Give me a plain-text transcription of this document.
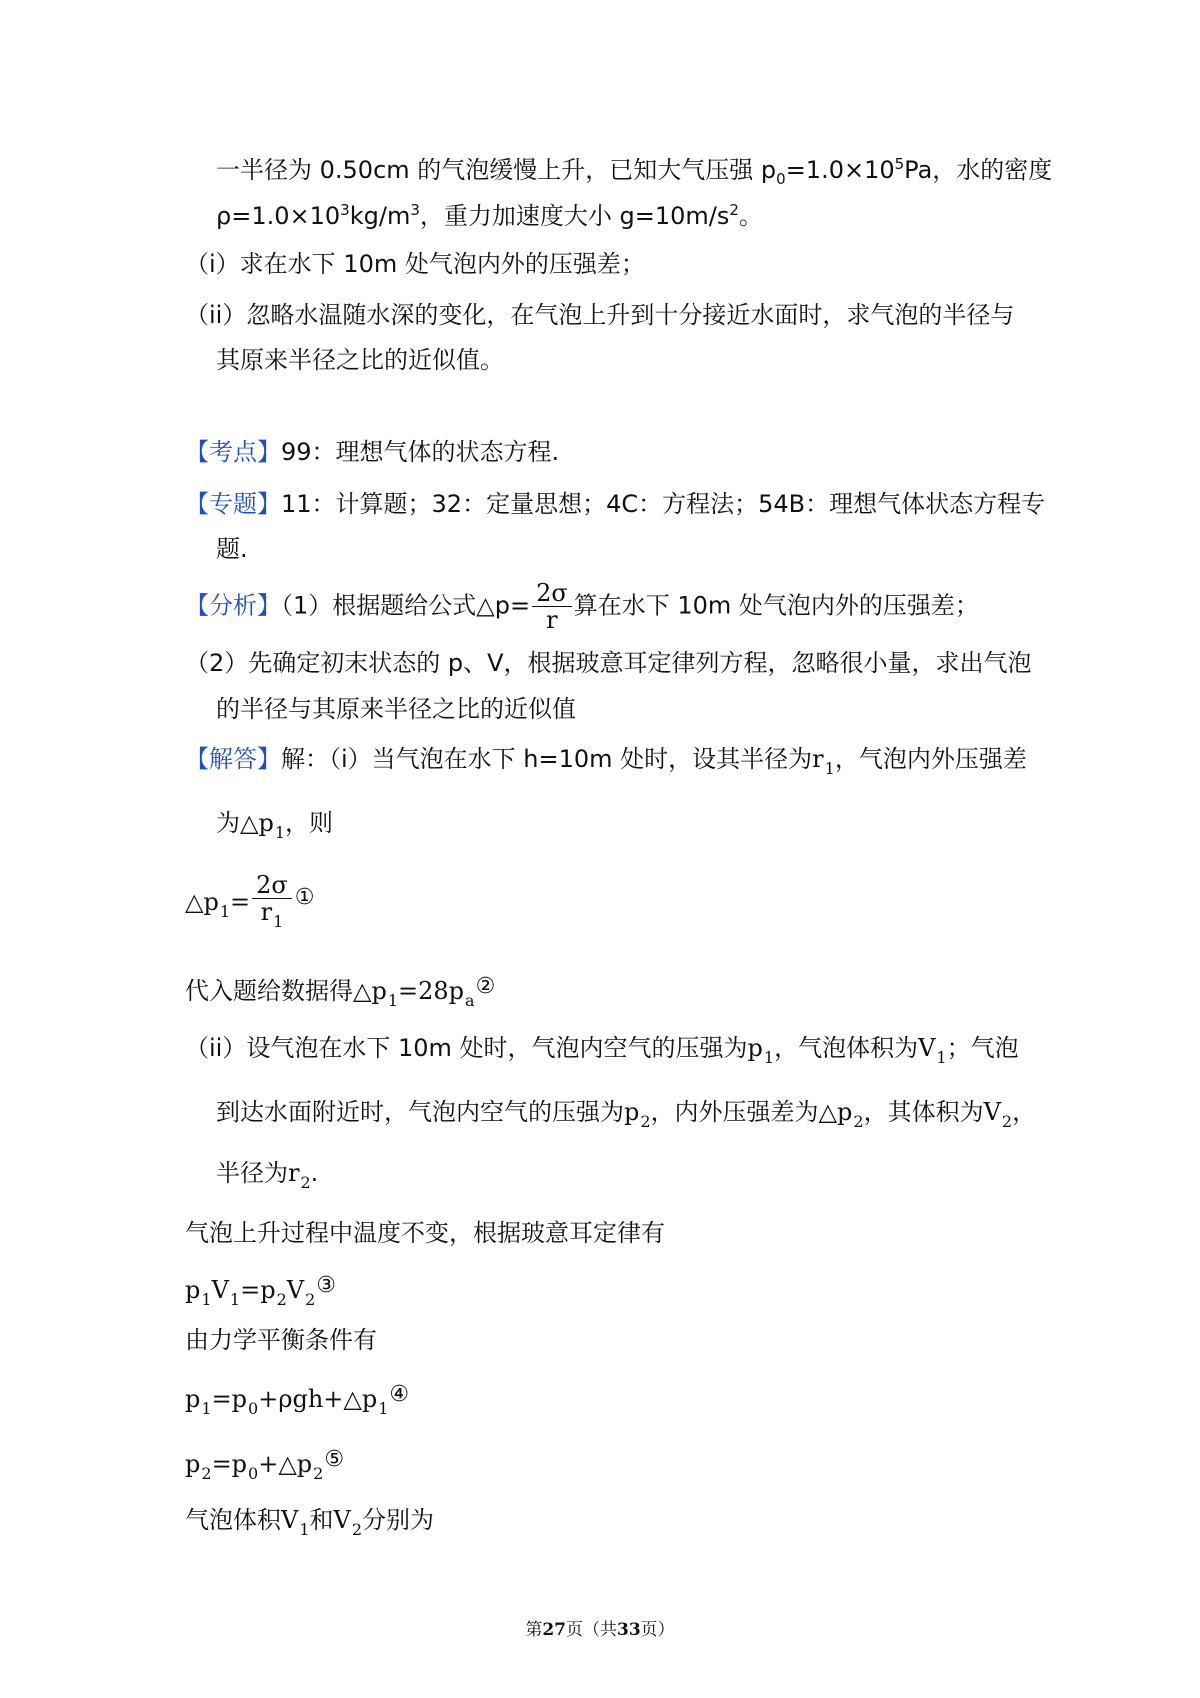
一半径为 0.50cm 的气泡缓慢上升，已知大气压强 $p_0=1.0\times 10^5Pa$，水的密度
$\rho=1.0\times 10^3kg/m^3$，重力加速度大小 $g=10m/s^2$。
（i）求在水下 10m 处气泡内外的压强差；
（ii）忽略水温随水深的变化，在气泡上升到十分接近水面时，求气泡的半径与
其原来半径之比的近似值。
【考点】99：理想气体的状态方程.
【专题】11：计算题；32：定量思想；4C：方程法；54B：理想气体状态方程专
题.
【分析】（1）根据题给公式△p= $\frac{2\sigma}{r}$ 算在水下 10m 处气泡内外的压强差；
（2）先确定初末状态的 p、V，根据玻意耳定律列方程，忽略很小量，求出气泡
的半径与其原来半径之比的近似值
【解答】解：（i）当气泡在水下 h=10m 处时，设其半径为$r_1$，气泡内外压强差
为$\triangle p_1$，则
$\triangle p_1= \frac{2\sigma}{r_1}$ ①
代入题给数据得$\triangle p_1=28p_a②$
（ii）设气泡在水下 10m 处时，气泡内空气的压强为$p_1$，气泡体积为$V_1$；气泡
到达水面附近时，气泡内空气的压强为$p_2$，内外压强差为$\triangle p_2$，其体积为$V_2$，
半径为$r_2$.
气泡上升过程中温度不变，根据玻意耳定律有
$p_1V_1=p_2V_2③$
由力学平衡条件有
$p_1=p_0+\rho gh+\triangle p_1④$
$p_2=p_0+\triangle p_2⑤$
气泡体积$V_1$和$V_2$分别为
第27页（共33页）
